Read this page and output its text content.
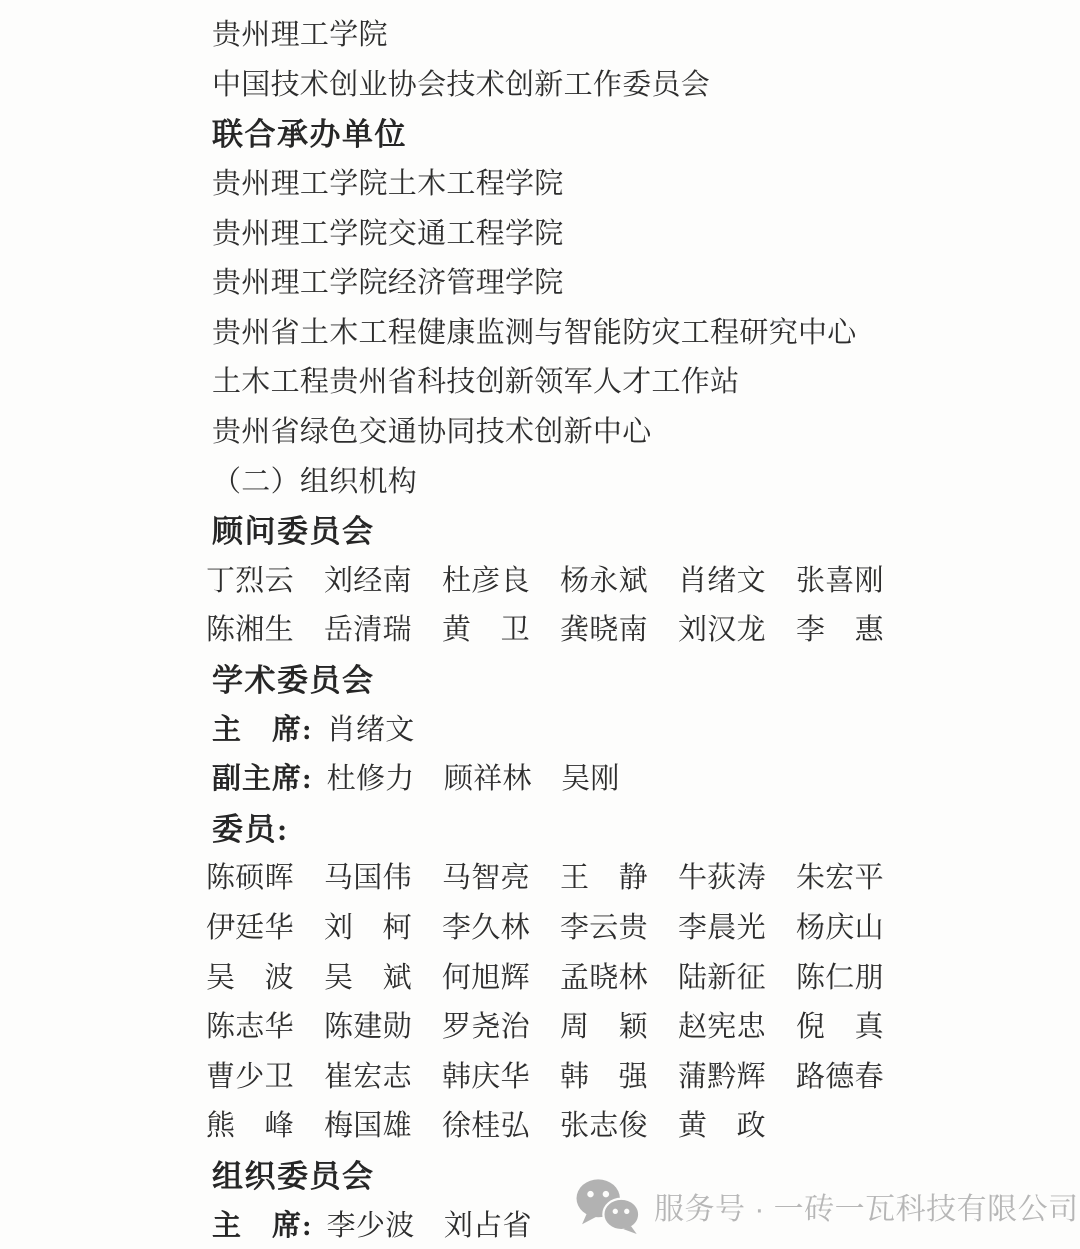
贵州理工学院
中国技术创业协会技术创新工作委员会
联合承办单位
贵州理工学院土木工程学院
贵州理工学院交通工程学院
贵州理工学院经济管理学院
贵州省土木工程健康监测与智能防灾工程研究中心
土木工程贵州省科技创新领军人才工作站
贵州省绿色交通协同技术创新中心
（二）组织机构
顾问委员会
丁烈云 刘经南 杜彦良 杨永斌 肖绪文 张喜刚
陈湘生 岳清瑞 黄　卫 龚晓南 刘汉龙 李　惠
学术委员会
主　席: 肖绪文
副主席: 杜修力　顾祥林　吴刚
委员:
陈硕晖 马国伟 马智亮 王　静 牛荻涛 朱宏平
伊廷华 刘　柯 李久林 李云贵 李晨光 杨庆山
吴　波 吴　斌 何旭辉 孟晓林 陆新征 陈仁朋
陈志华 陈建勋 罗尧治 周　颖 赵宪忠 倪　真
曹少卫 崔宏志 韩庆华 韩　强 蒲黔辉 路德春
熊　峰 梅国雄 徐桂弘 张志俊 黄　政
组织委员会
主　席: 李少波　刘占省	服务号 · 一砖一瓦科技有限公司
